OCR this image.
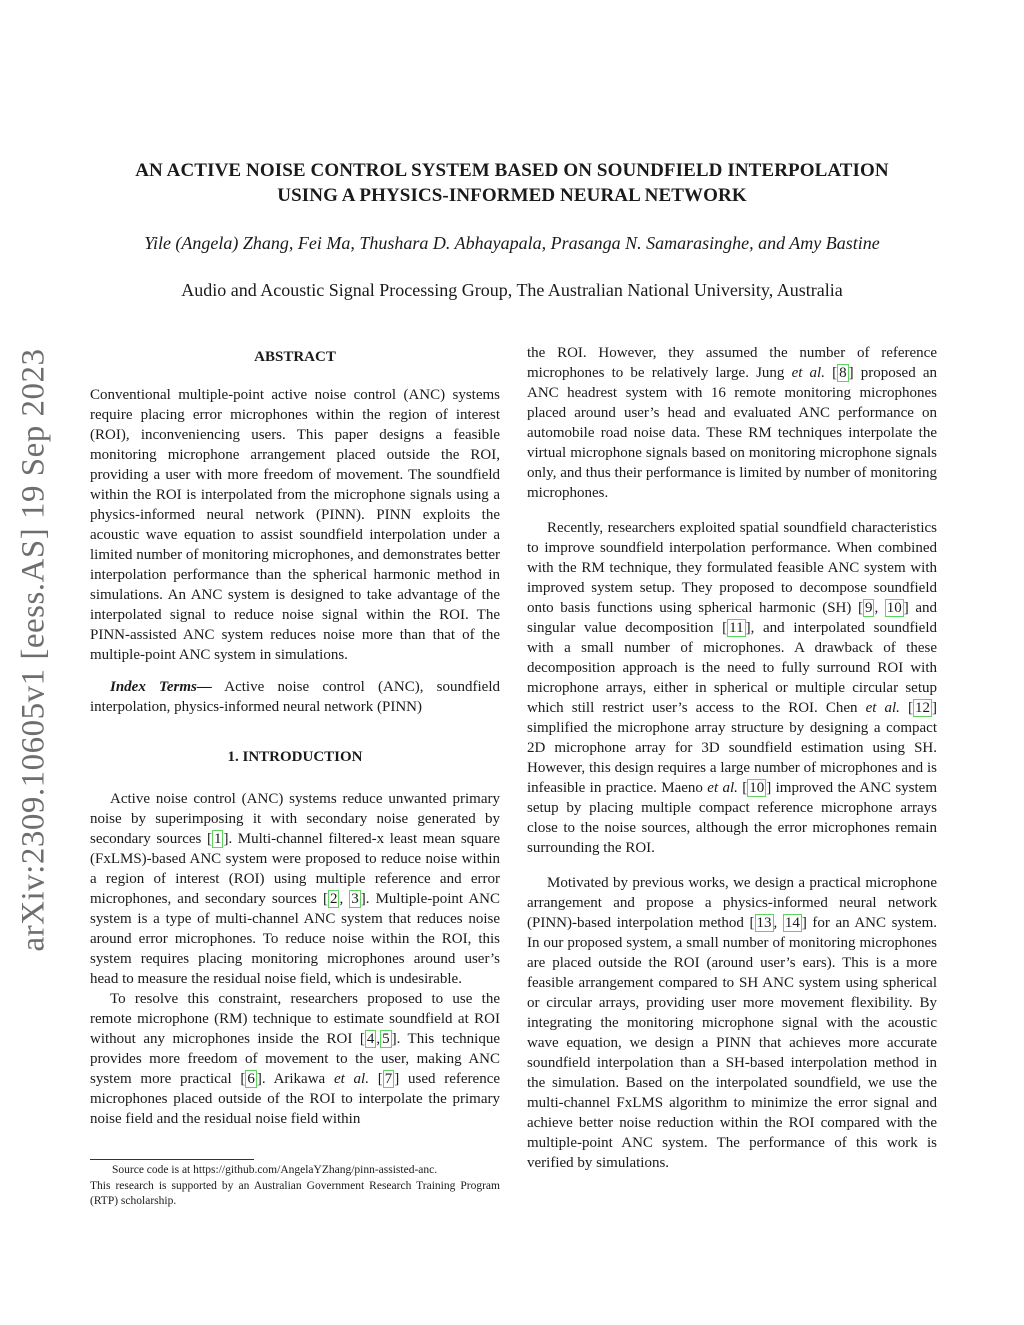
AN ACTIVE NOISE CONTROL SYSTEM BASED ON SOUNDFIELD INTERPOLATION
USING A PHYSICS-INFORMED NEURAL NETWORK
Yile (Angela) Zhang, Fei Ma, Thushara D. Abhayapala, Prasanga N. Samarasinghe, and Amy Bastine
Audio and Acoustic Signal Processing Group, The Australian National University, Australia
arXiv:2309.10605v1 [eess.AS] 19 Sep 2023	ABSTRACT

Conventional multiple-point active noise control (ANC) systems require placing error microphones within the region of interest (ROI), inconveniencing users. This paper designs a feasible monitoring microphone arrangement placed outside the ROI, providing a user with more freedom of movement. The soundfield within the ROI is interpolated from the microphone signals using a physics-informed neural network (PINN). PINN exploits the acoustic wave equation to assist soundfield interpolation under a limited number of monitoring microphones, and demonstrates better interpolation performance than the spherical harmonic method in simulations. An ANC system is designed to take advantage of the interpolated signal to reduce noise signal within the ROI. The PINN-assisted ANC system reduces noise more than that of the multiple-point ANC system in simulations.

Index Terms— Active noise control (ANC), soundfield interpolation, physics-informed neural network (PINN)

1. INTRODUCTION

Active noise control (ANC) systems reduce unwanted primary noise by superimposing it with secondary noise generated by secondary sources [ 1 ]. Multi-channel filtered-x least mean square (FxLMS)-based ANC system were proposed to reduce noise within a region of interest (ROI) using multiple reference and error microphones, and secondary sources [ 2 , 3 ]. Multiple-point ANC system is a type of multi-channel ANC system that reduces noise around error microphones. To reduce noise within the ROI, this system requires placing monitoring microphones around user’s head to measure the residual noise field, which is undesirable.

To resolve this constraint, researchers proposed to use the remote microphone (RM) technique to estimate soundfield at ROI without any microphones inside the ROI [ 4 , 5 ]. This technique provides more freedom of movement to the user, making ANC system more practical [ 6 ]. Arikawa et al. [ 7 ] used reference microphones placed outside of the ROI to interpolate the primary noise field and the residual noise field within

Source code is at https://github.com/AngelaYZhang/pinn-assisted-anc.

This research is supported by an Australian Government Research Training Program (RTP) scholarship.

the ROI. However, they assumed the number of reference microphones to be relatively large. Jung et al. [ 8 ] proposed an ANC headrest system with 16 remote monitoring microphones placed around user’s head and evaluated ANC performance on automobile road noise data. These RM techniques interpolate the virtual microphone signals based on monitoring microphone signals only, and thus their performance is limited by number of monitoring microphones.

Recently, researchers exploited spatial soundfield characteristics to improve soundfield interpolation performance. When combined with the RM technique, they formulated feasible ANC system with improved system setup. They proposed to decompose soundfield onto basis functions using spherical harmonic (SH) [ 9 , 10 ] and singular value decomposition [ 11 ], and interpolated soundfield with a small number of microphones. A drawback of these decomposition approach is the need to fully surround ROI with microphone arrays, either in spherical or multiple circular setup which still restrict user’s access to the ROI. Chen et al. [ 12 ] simplified the microphone array structure by designing a compact 2D microphone array for 3D soundfield estimation using SH. However, this design requires a large number of microphones and is infeasible in practice. Maeno et al. [ 10 ] improved the ANC system setup by placing multiple compact reference microphone arrays close to the noise sources, although the error microphones remain surrounding the ROI.

Motivated by previous works, we design a practical microphone arrangement and propose a physics-informed neural network (PINN)-based interpolation method [ 13 , 14 ] for an ANC system. In our proposed system, a small number of monitoring microphones are placed outside the ROI (around user’s ears). This is a more feasible arrangement compared to SH ANC system using spherical or circular arrays, providing user more movement flexibility. By integrating the monitoring microphone signal with the acoustic wave equation, we design a PINN that achieves more accurate soundfield interpolation than a SH-based interpolation method in the simulation. Based on the interpolated soundfield, we use the multi-channel FxLMS algorithm to minimize the error signal and achieve better noise reduction within the ROI compared with the multiple-point ANC system. The performance of this work is verified by simulations.
